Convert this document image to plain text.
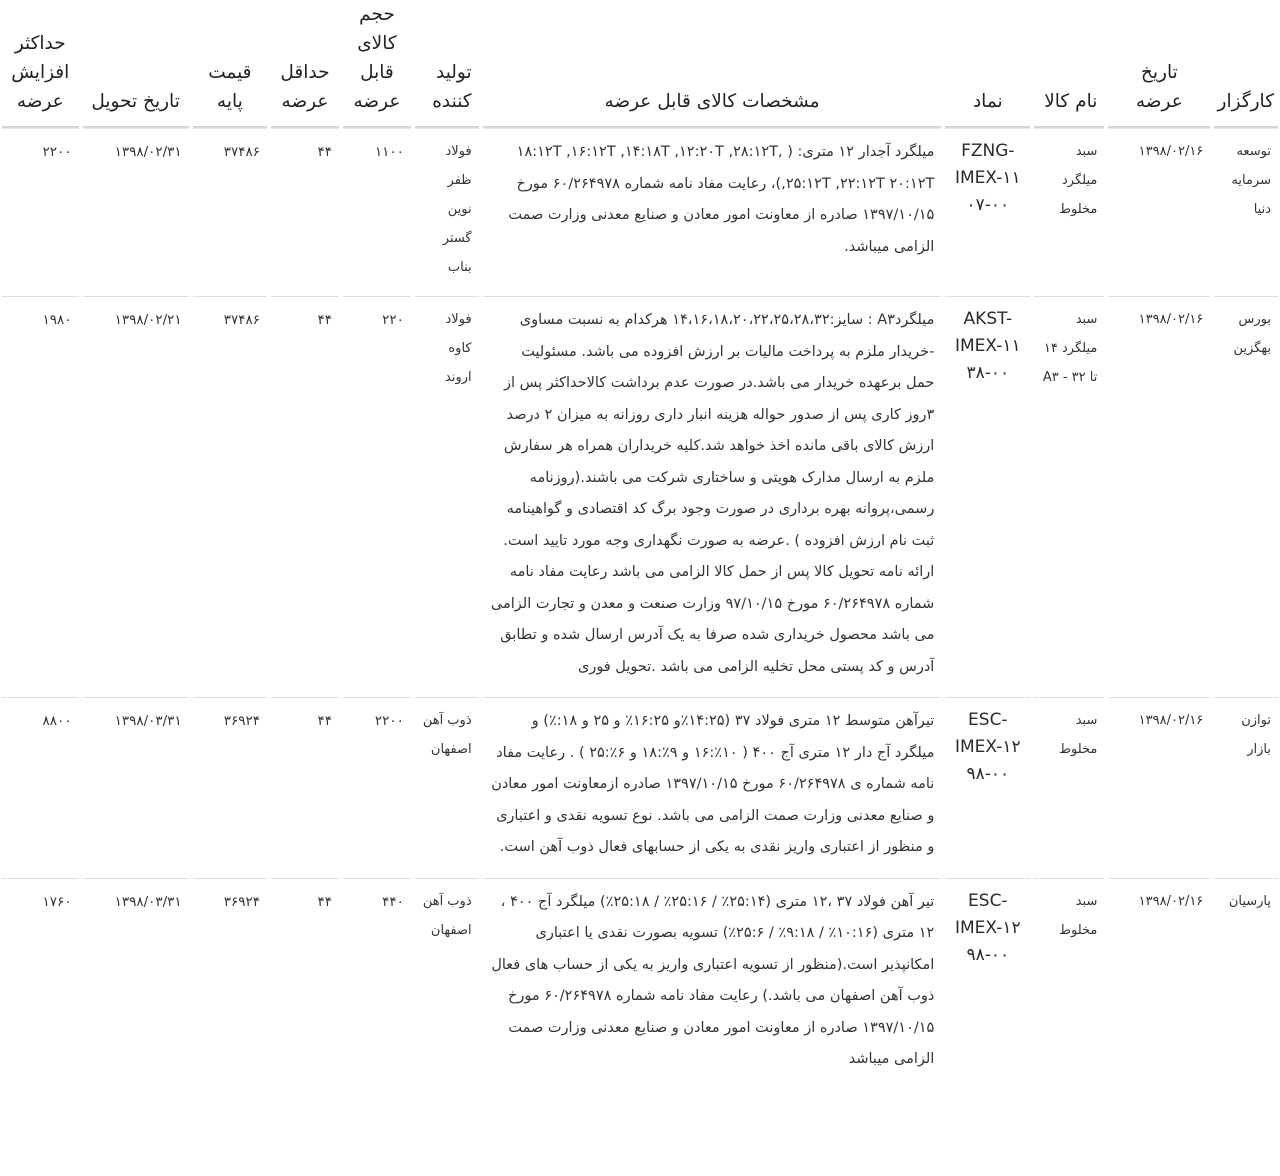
کارگزار	تاریخ عرضه	نام کالا	نماد	مشخصات کالای قابل عرضه	تولید کننده	حجم کالای قابل عرضه	حداقل عرضه	قیمت پایه	تاریخ تحویل	حداکثر افزایش عرضه

توسعه سرمایه دنیا	۱۳۹۸/۰۲/۱۶	سبد میلگرد مخلوط	FZNG-IMEX-۱۱۰۷-۰۰	میلگرد آجدار ۱۲ متری: ( ,۱۸:۱۲T ,۱۶:۱۲T ,۱۴:۱۸T ,۱۲:۲۰T ,۲۸:۱۲T ,۲۵:۱۲T ,۲۲:۱۲T ۲۰:۱۲T)، رعایت مفاد نامه شماره ۶۰/۲۶۴۹۷۸ مورخ ۱۳۹۷/۱۰/۱۵ صادره از معاونت امور معادن و صنایع معدنی وزارت صمت الزامی میباشد.	فولاد ظفر نوین گستر بناب	۱۱۰۰	۴۴	۳۷۴۸۶	۱۳۹۸/۰۲/۳۱	۲۲۰۰
بورس بهگزین	۱۳۹۸/۰۲/۱۶	سبد میلگرد ۱۴ تا ۳۲ - A۳	AKST-IMEX-۱۱۳۸-۰۰	میلگردA۳ : سایز:۱۴،۱۶،۱۸،۲۰،۲۲،۲۵،۲۸،۳۲ هرکدام به نسبت مساوی -خریدار ملزم به پرداخت مالیات بر ارزش افزوده می باشد. مسئولیت حمل برعهده خریدار می باشد.در صورت عدم برداشت کالاحداکثر پس از ۳روز کاری پس از صدور حواله هزینه انبار داری روزانه به میزان ۲ درصد ارزش کالای باقی مانده اخذ خواهد شد.کلیه خریداران همراه هر سفارش ملزم به ارسال مدارک هویتی و ساختاری شرکت می باشند.(روزنامه رسمی،پروانه بهره برداری در صورت وجود برگ کد اقتصادی و گواهینامه ثبت نام ارزش افزوده ) .عرضه به صورت نگهداری وجه مورد تایید است. ارائه نامه تحویل کالا پس از حمل کالا الزامی می باشد رعایت مفاد نامه شماره ۶۰/۲۶۴۹۷۸ مورخ ۹۷/۱۰/۱۵ وزارت صنعت و معدن و تجارت الزامی می باشد محصول خریداری شده صرفا به یک آدرس ارسال شده و تطابق آدرس و کد پستی محل تخلیه الزامی می باشد .تحویل فوری	فولاد کاوه اروند	۲۲۰	۴۴	۳۷۴۸۶	۱۳۹۸/۰۲/۲۱	۱۹۸۰
توازن بازار	۱۳۹۸/۰۲/۱۶	سبد مخلوط	ESC-IMEX-۱۲۹۸-۰۰	تیرآهن متوسط ۱۲ متری فولاد ۳۷ (۱۴:۲۵٪و ۱۶:۲۵٪ و ۲۵ و ۱۸:٪) و میلگرد آج دار ۱۲ متری آج ۴۰۰ ( ۱۰٪:۱۶ و ۹٪:۱۸ و ۶٪:۲۵ ) . رعایت مفاد نامه شماره ی ۶۰/۲۶۴۹۷۸ مورخ ۱۳۹۷/۱۰/۱۵ صادره ازمعاونت امور معادن و صنایع معدنی وزارت صمت الزامی می باشد. نوع تسویه نقدی و اعتباری و منظور از اعتباری واریز نقدی به یکی از حسابهای فعال ذوب آهن است.	ذوب آهن اصفهان	۲۲۰۰	۴۴	۳۶۹۲۴	۱۳۹۸/۰۳/۳۱	۸۸۰۰
پارسیان	۱۳۹۸/۰۲/۱۶	سبد مخلوط	ESC-IMEX-۱۲۹۸-۰۰	تیر آهن فولاد ۳۷ ،۱۲ متری (۲۵:۱۴٪ / ۲۵:۱۶٪ / ۲۵:۱۸٪) میلگرد آج ۴۰۰ ، ۱۲ متری (۱۰:۱۶٪ / ۹:۱۸٪ / ۲۵:۶٪) تسویه بصورت نقدی یا اعتباری امکانپذیر است.(منظور از تسویه اعتباری واریز به یکی از حساب های فعال ذوب آهن اصفهان می باشد.) رعایت مفاد نامه شماره ۶۰/۲۶۴۹۷۸ مورخ ۱۳۹۷/۱۰/۱۵ صادره از معاونت امور معادن و صنایع معدنی وزارت صمت الزامی میباشد	ذوب آهن اصفهان	۴۴۰	۴۴	۳۶۹۲۴	۱۳۹۸/۰۳/۳۱	۱۷۶۰
